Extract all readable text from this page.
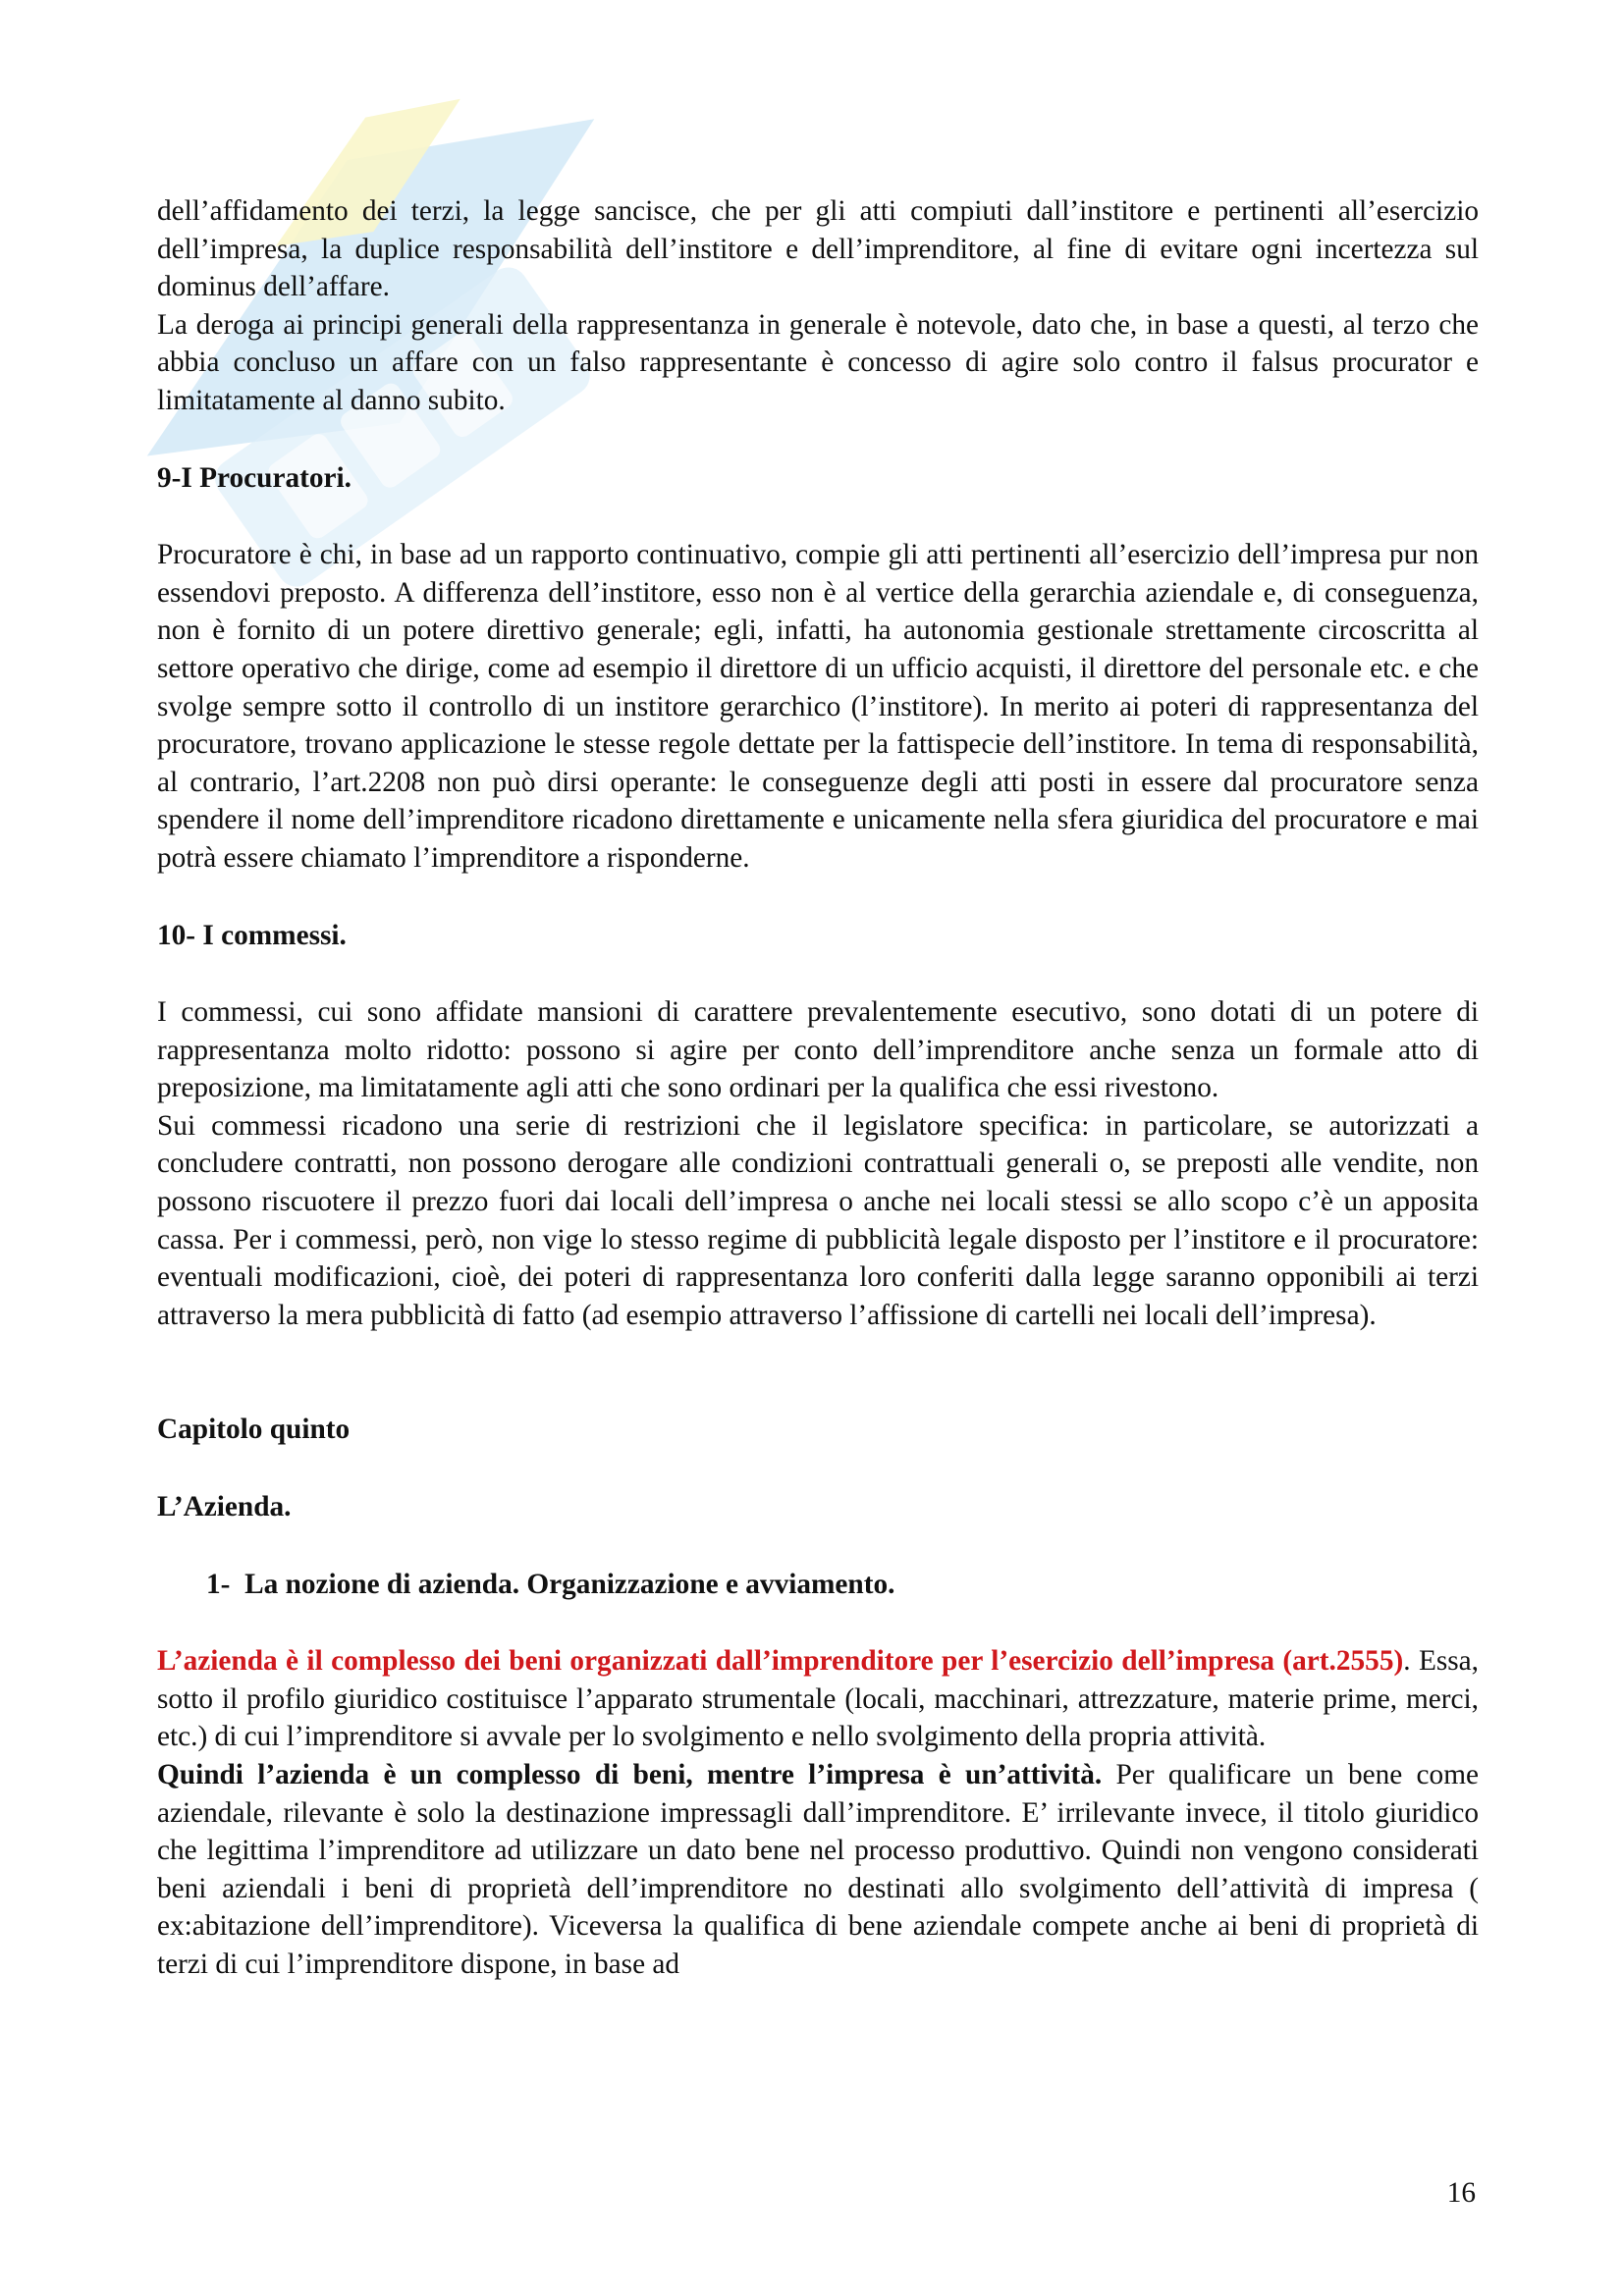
dell’affidamento dei terzi, la legge sancisce, che per gli atti compiuti dall’institore e pertinenti all’esercizio dell’impresa, la duplice responsabilità dell’institore e dell’imprenditore, al fine di evitare ogni incertezza sul dominus dell’affare.

La deroga ai principi generali della rappresentanza in generale è notevole, dato che, in base a questi, al terzo che abbia concluso un affare con un falso rappresentante è concesso di agire solo contro il falsus procurator e limitatamente al danno subito.

9-I Procuratori.

Procuratore è chi, in base ad un rapporto continuativo, compie gli atti pertinenti all’esercizio dell’impresa pur non essendovi preposto. A differenza dell’institore, esso non è al vertice della gerarchia aziendale e, di conseguenza, non è fornito di un potere direttivo generale; egli, infatti, ha autonomia gestionale strettamente circoscritta al settore operativo che dirige, come ad esempio il direttore di un ufficio acquisti, il direttore del personale etc. e che svolge sempre sotto il controllo di un institore gerarchico (l’institore). In merito ai poteri di rappresentanza del procuratore, trovano applicazione le stesse regole dettate per la fattispecie dell’institore. In tema di responsabilità, al contrario, l’art.2208 non può dirsi operante: le conseguenze degli atti posti in essere dal procuratore senza spendere il nome dell’imprenditore ricadono direttamente e unicamente nella sfera giuridica del procuratore e mai potrà essere chiamato l’imprenditore a risponderne.

10- I commessi.

I commessi, cui sono affidate mansioni di carattere prevalentemente esecutivo, sono dotati di un potere di rappresentanza molto ridotto: possono si agire per conto dell’imprenditore anche senza un formale atto di preposizione, ma limitatamente agli atti che sono ordinari per la qualifica che essi rivestono.

Sui commessi ricadono una serie di restrizioni che il legislatore specifica: in particolare, se autorizzati a concludere contratti, non possono derogare alle condizioni contrattuali generali o, se preposti alle vendite, non possono riscuotere il prezzo fuori dai locali dell’impresa o anche nei locali stessi se allo scopo c’è un apposita cassa. Per i commessi, però, non vige lo stesso regime di pubblicità legale disposto per l’institore e il procuratore: eventuali modificazioni, cioè, dei poteri di rappresentanza loro conferiti dalla legge saranno opponibili ai terzi attraverso la mera pubblicità di fatto (ad esempio attraverso l’affissione di cartelli nei locali dell’impresa).

Capitolo quinto

L’Azienda.

1- La nozione di azienda. Organizzazione e avviamento.

L’azienda è il complesso dei beni organizzati dall’imprenditore per l’esercizio dell’impresa (art.2555). Essa, sotto il profilo giuridico costituisce l’apparato strumentale (locali, macchinari, attrezzature, materie prime, merci, etc.) di cui l’imprenditore si avvale per lo svolgimento e nello svolgimento della propria attività.

Quindi l’azienda è un complesso di beni, mentre l’impresa è un’attività. Per qualificare un bene come aziendale, rilevante è solo la destinazione impressagli dall’imprenditore. E’ irrilevante invece, il titolo giuridico che legittima l’imprenditore ad utilizzare un dato bene nel processo produttivo. Quindi non vengono considerati beni aziendali i beni di proprietà dell’imprenditore no destinati allo svolgimento dell’attività di impresa ( ex:abitazione dell’imprenditore). Viceversa la qualifica di bene aziendale compete anche ai beni di proprietà di terzi di cui l’imprenditore dispone, in base ad

16
